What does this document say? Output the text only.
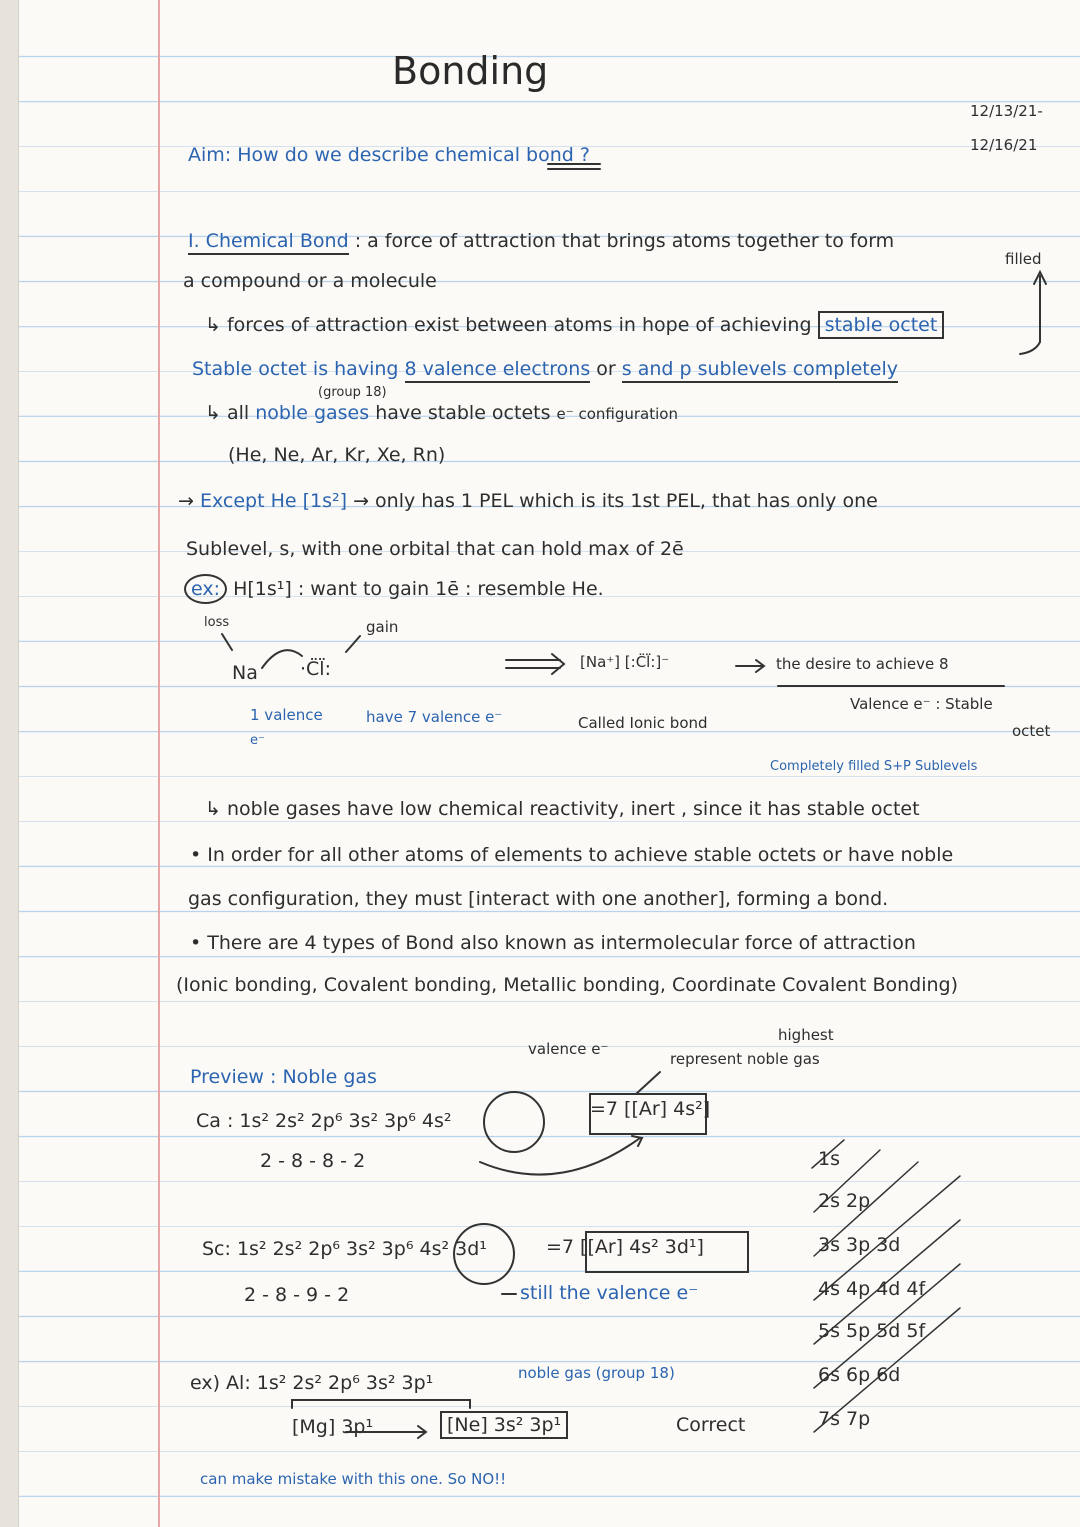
Bonding
12/13/21-
12/16/21
Aim: How do we describe chemical bond ?
I. Chemical Bond : a force of attraction that brings atoms together to form
filled
a compound or a molecule
↳ forces of attraction exist between atoms in hope of achieving stable octet
Stable octet is having 8 valence electrons or s and p sublevels completely
(group 18)
↳ all noble gases have stable octets e⁻ configuration
(He, Ne, Ar, Kr, Xe, Rn)
→ Except He [1s²] → only has 1 PEL which is its 1st PEL, that has only one
Sublevel, s, with one orbital that can hold max of 2ē
ex: H[1s¹] : want to gain 1ē : resemble He.
loss	gain
Na ·C̈l̈:	[Na⁺] [:C̈l̈:]⁻	the desire to achieve 8
Valence e⁻ : Stable
octet
1 valence
e⁻
have 7 valence e⁻	Called Ionic bond
Completely filled S+P Sublevels
↳ noble gases have low chemical reactivity, inert , since it has stable octet
• In order for all other atoms of elements to achieve stable octets or have noble
gas configuration, they must [interact with one another], forming a bond.
• There are 4 types of Bond also known as intermolecular force of attraction
(Ionic bonding, Covalent bonding, Metallic bonding, Coordinate Covalent Bonding)
valence e⁻
highest
represent noble gas
Preview : Noble gas
Ca : 1s² 2s² 2p⁶ 3s² 3p⁶ 4s²
=7 [[Ar] 4s²]
2 - 8 - 8 - 2
Sc: 1s² 2s² 2p⁶ 3s² 3p⁶ 4s² 3d¹	=7 [[Ar] 4s² 3d¹]
2 - 8 - 9 - 2	still the valence e⁻
ex) Al: 1s² 2s² 2p⁶ 3s² 3p¹	noble gas (group 18)
[Mg] 3p¹	[Ne] 3s² 3p¹	Correct
can make mistake with this one. So NO!!
1s
2s 2p
3s 3p 3d
4s 4p 4d 4f
5s 5p 5d 5f
6s 6p 6d
7s 7p
